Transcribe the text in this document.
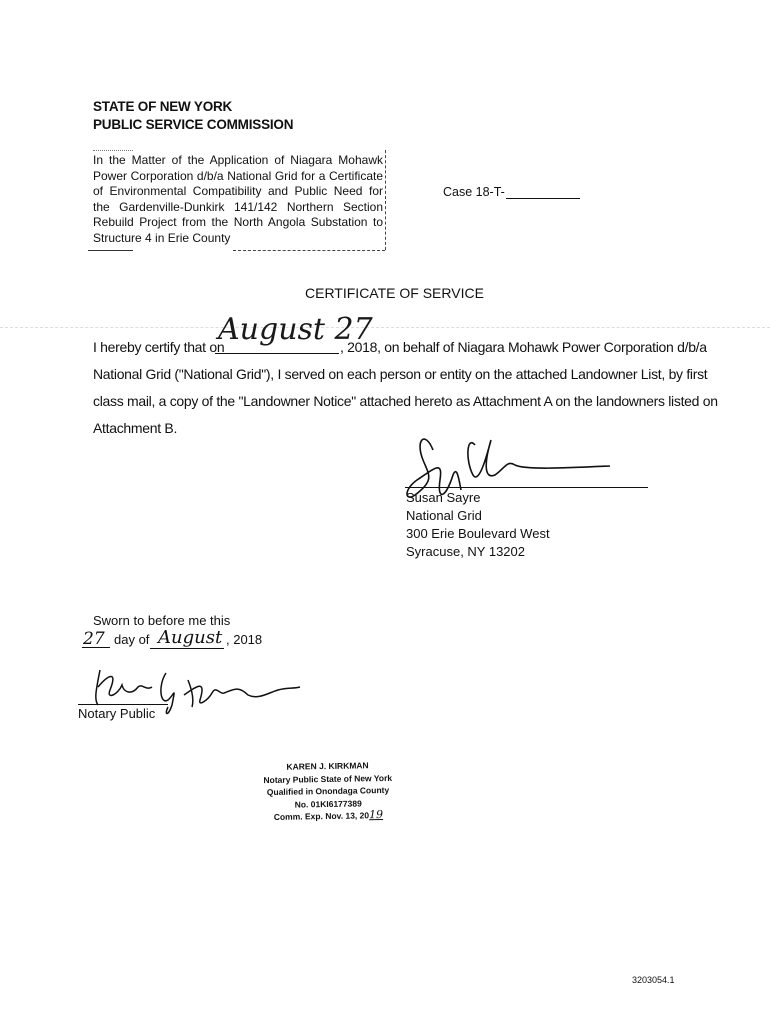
STATE OF NEW YORK
PUBLIC SERVICE COMMISSION
In the Matter of the Application of Niagara Mohawk Power Corporation d/b/a National Grid for a Certificate of Environmental Compatibility and Public Need for the Gardenville-Dunkirk 141/142 Northern Section Rebuild Project from the North Angola Substation to Structure 4 in Erie County
Case 18-T-
CERTIFICATE OF SERVICE
I hereby certify that on
August 27
, 2018, on behalf of Niagara Mohawk Power Corporation d/b/a
National Grid ("National Grid"), I served on each person or entity on the attached Landowner List, by first
class mail, a copy of the "Landowner Notice" attached hereto as Attachment A on the landowners listed on
Attachment B.
Susan Sayre
National Grid
300 Erie Boulevard West
Syracuse, NY 13202
Sworn to before me this
27 day of August , 2018
Notary Public
KAREN J. KIRKMAN
Notary Public State of New York
Qualified in Onondaga County
No. 01KI6177389
Comm. Exp. Nov. 13, 2019
3203054.1
